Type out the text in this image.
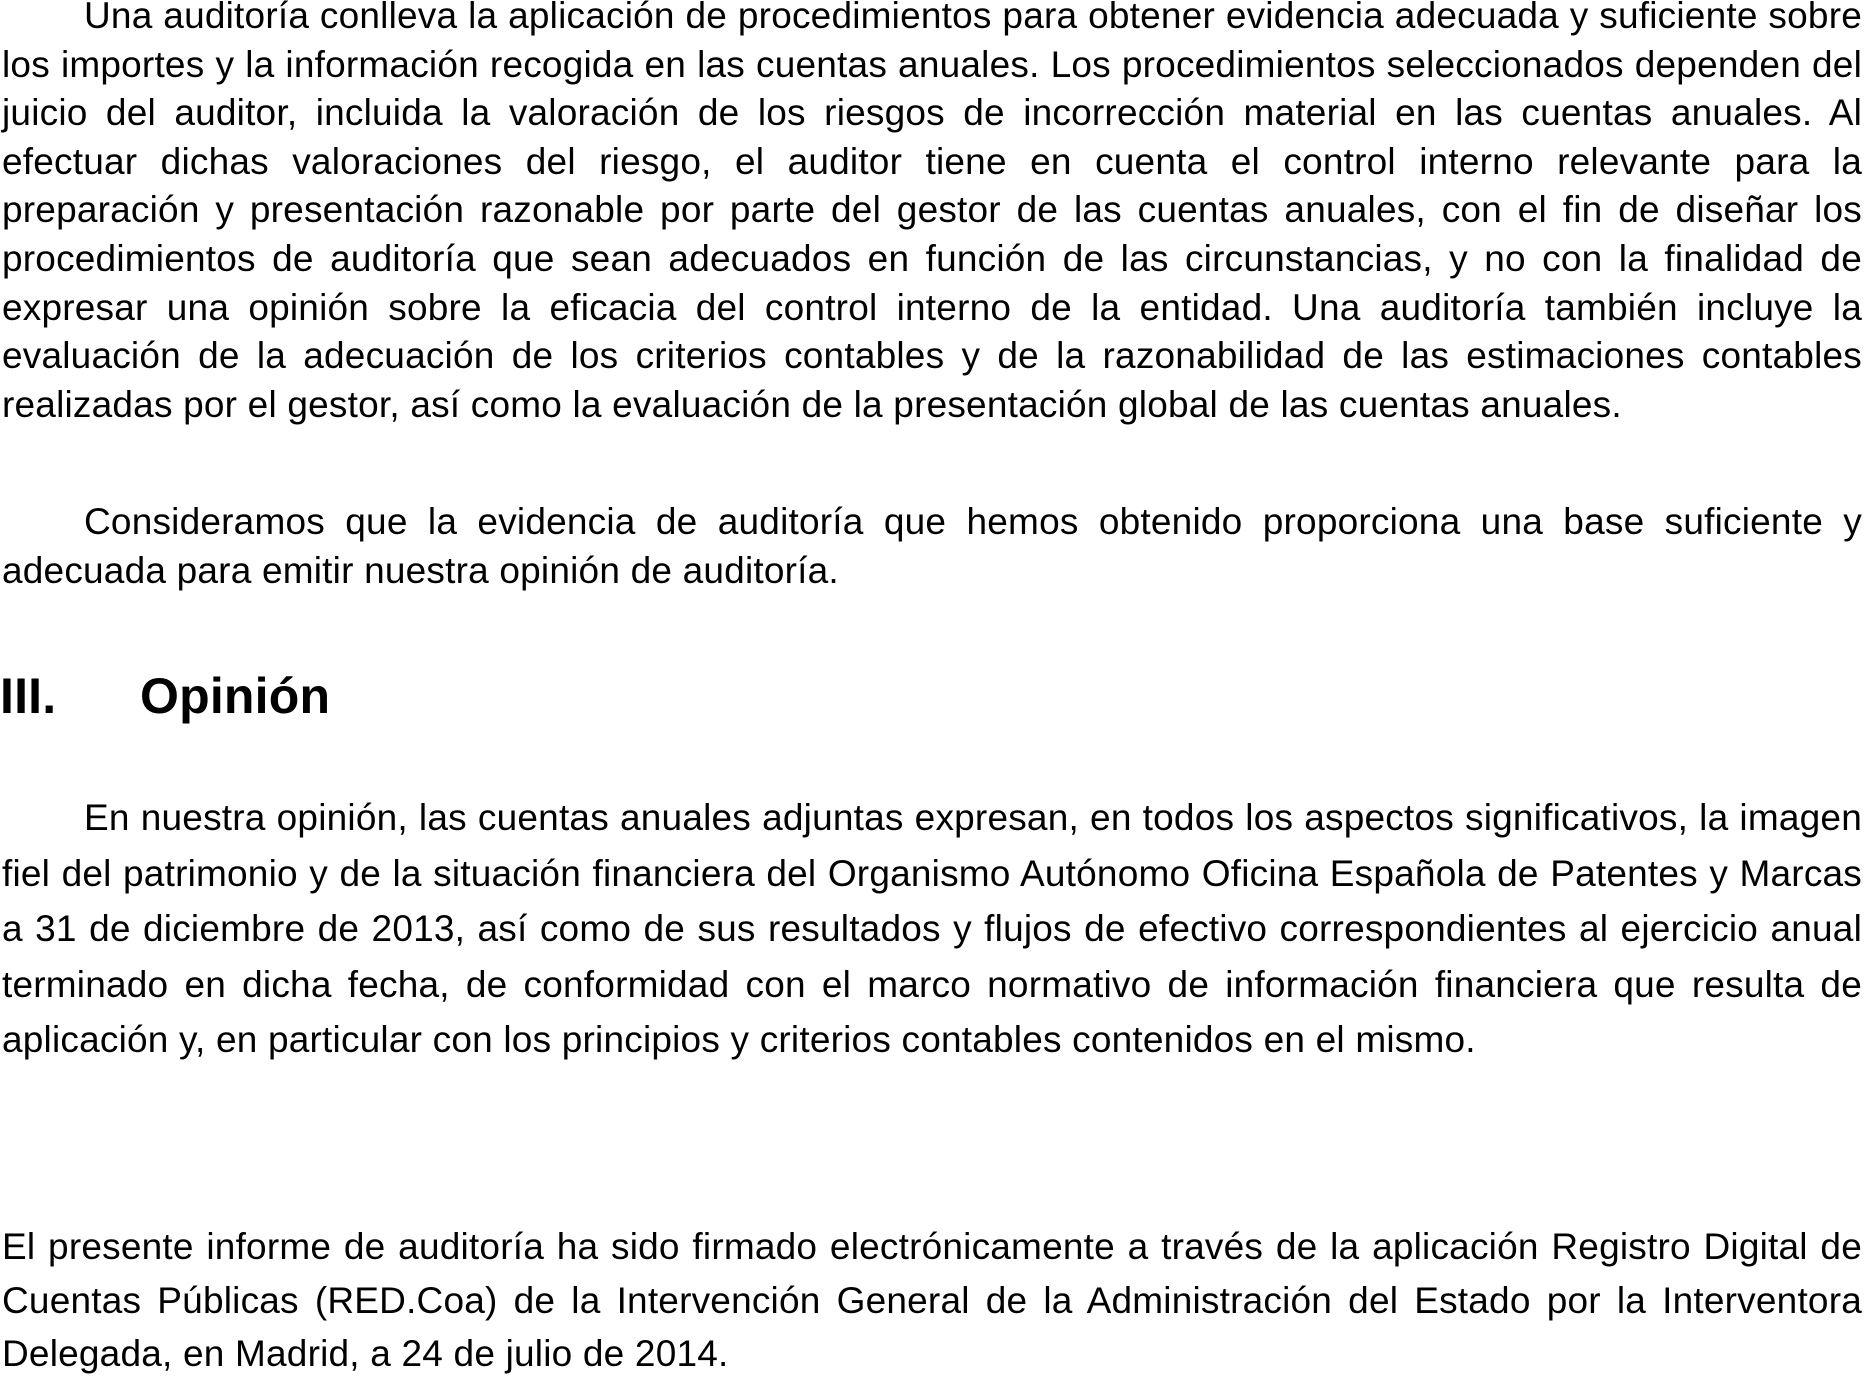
Una auditoría conlleva la aplicación de procedimientos para obtener evidencia adecuada y suficiente sobre los importes y la información recogida en las cuentas anuales. Los procedimientos seleccionados dependen del juicio del auditor, incluida la valoración de los riesgos de incorrección material en las cuentas anuales. Al efectuar dichas valoraciones del riesgo, el auditor tiene en cuenta el control interno relevante para la preparación y presentación razonable por parte del gestor de las cuentas anuales, con el fin de diseñar los procedimientos de auditoría que sean adecuados en función de las circunstancias, y no con la finalidad de expresar una opinión sobre la eficacia del control interno de la entidad. Una auditoría también incluye la evaluación de la adecuación de los criterios contables y de la razonabilidad de las estimaciones contables realizadas por el gestor, así como la evaluación de la presentación global de las cuentas anuales.

Consideramos que la evidencia de auditoría que hemos obtenido proporciona una base suficiente y adecuada para emitir nuestra opinión de auditoría.

III. Opinión

En nuestra opinión, las cuentas anuales adjuntas expresan, en todos los aspectos significativos, la imagen fiel del patrimonio y de la situación financiera del Organismo Autónomo Oficina Española de Patentes y Marcas a 31 de diciembre de 2013, así como de sus resultados y flujos de efectivo correspondientes al ejercicio anual terminado en dicha fecha, de conformidad con el marco normativo de información financiera que resulta de aplicación y, en particular con los principios y criterios contables contenidos en el mismo.

El presente informe de auditoría ha sido firmado electrónicamente a través de la aplicación Registro Digital de Cuentas Públicas (RED.Coa) de la Intervención General de la Administración del Estado por la Interventora Delegada, en Madrid, a 24 de julio de 2014.
